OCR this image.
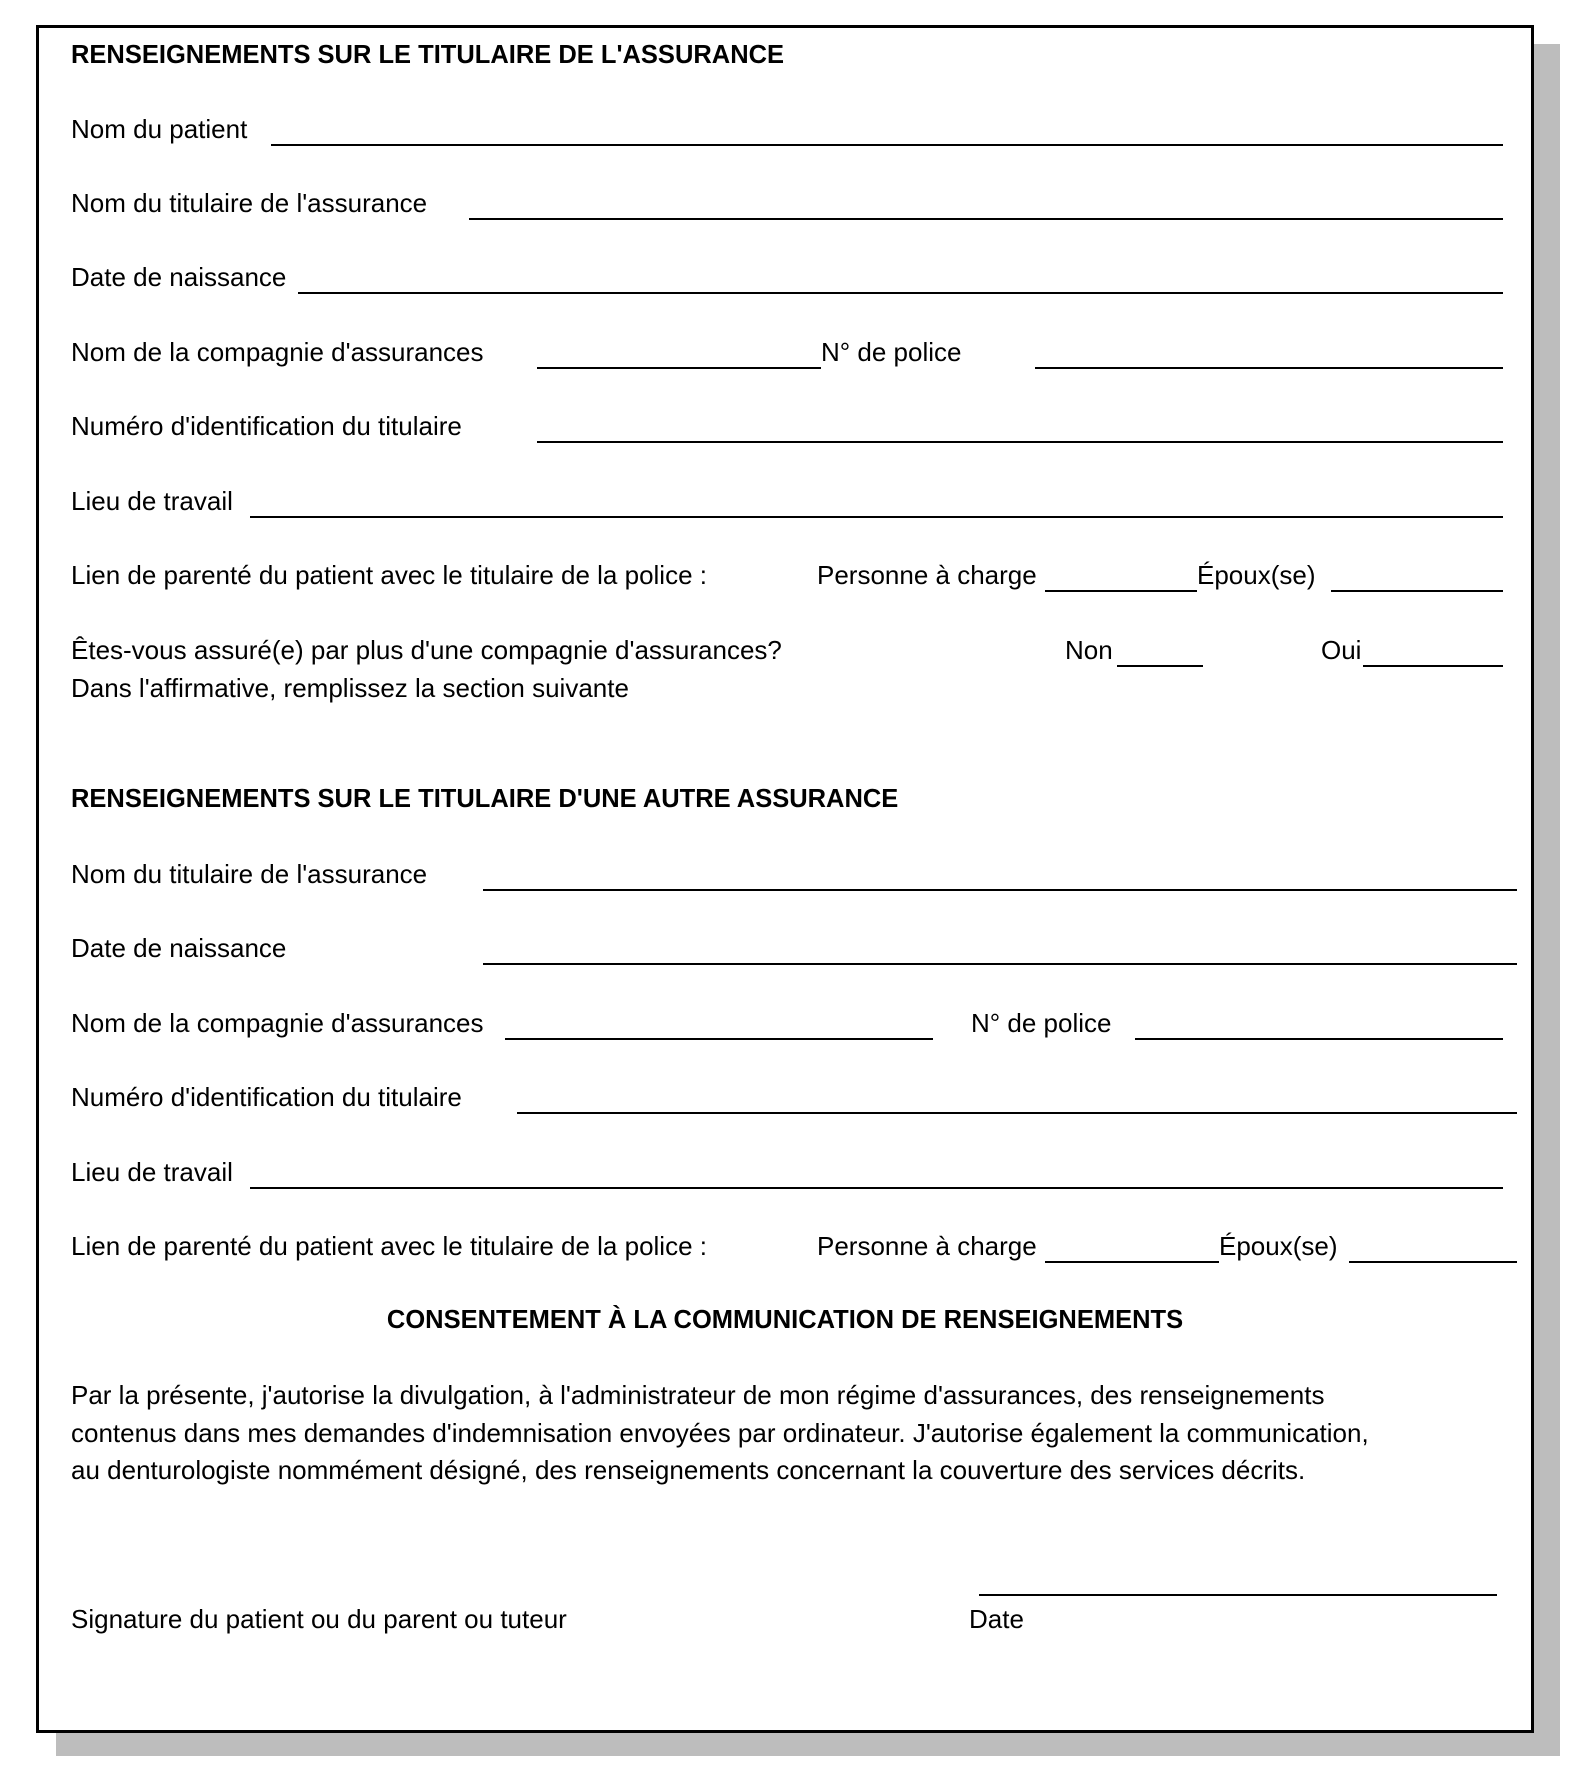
RENSEIGNEMENTS SUR LE TITULAIRE DE L'ASSURANCE
Nom du patient
Nom du titulaire de l'assurance
Date de naissance
Nom de la compagnie d'assurances	N° de police
Numéro d'identification du titulaire
Lieu de travail
Lien de parenté du patient avec le titulaire de la police :	Personne à charge	Époux(se)
Êtes-vous assuré(e) par plus d'une compagnie d'assurances?	Non	Oui
Dans l'affirmative, remplissez la section suivante
RENSEIGNEMENTS SUR LE TITULAIRE D'UNE AUTRE ASSURANCE
Nom du titulaire de l'assurance
Date de naissance
Nom de la compagnie d'assurances	N° de police
Numéro d'identification du titulaire
Lieu de travail
Lien de parenté du patient avec le titulaire de la police :	Personne à charge	Époux(se)
CONSENTEMENT À LA COMMUNICATION DE RENSEIGNEMENTS
Par la présente, j'autorise la divulgation, à l'administrateur de mon régime d'assurances, des renseignements
contenus dans mes demandes d'indemnisation envoyées par ordinateur. J'autorise également la communication,
au denturologiste nommément désigné, des renseignements concernant la couverture des services décrits.
Signature du patient ou du parent ou tuteur	Date
